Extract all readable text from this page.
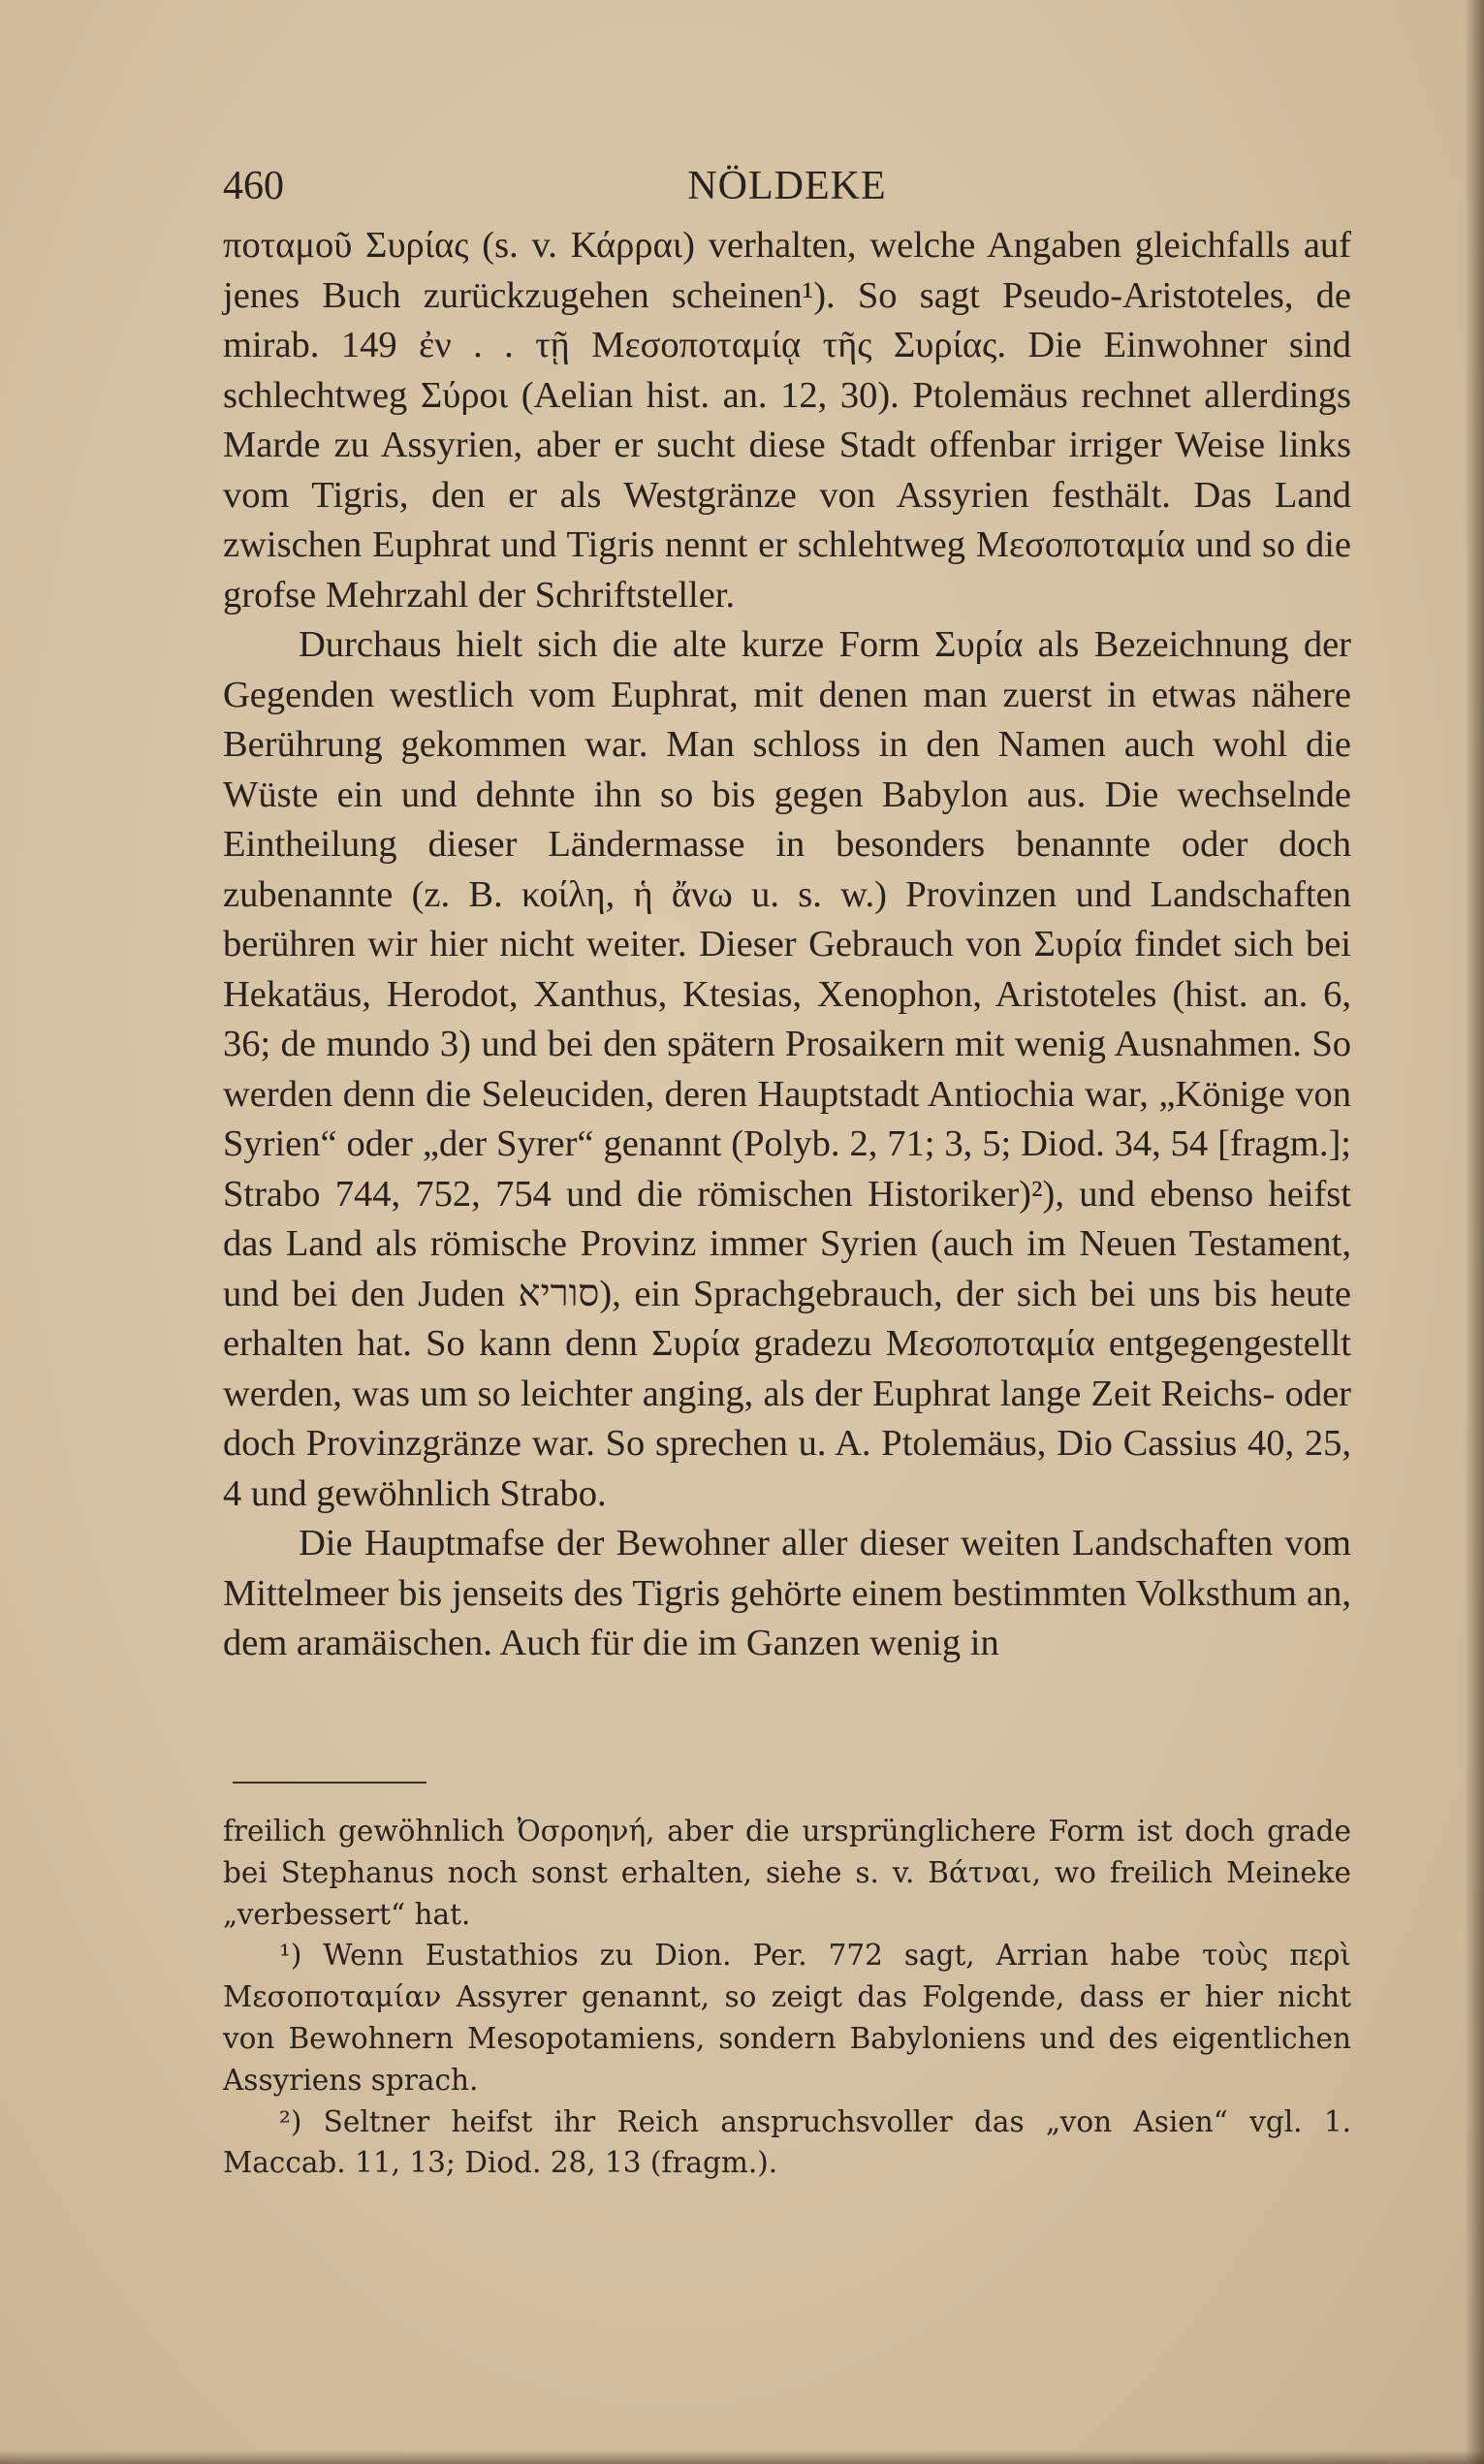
460	NÖLDEKE

ποταμοῦ Συρίας (s. v. Κάρραι) verhalten, welche Angaben gleichfalls auf jenes Buch zurückzugehen scheinen¹). So sagt Pseudo-Aristoteles, de mirab. 149 ἐν . . τῇ Μεσοποταμίᾳ τῆς Συρίας. Die Einwohner sind schlechtweg Σύροι (Aelian hist. an. 12, 30). Ptolemäus rechnet allerdings Marde zu Assyrien, aber er sucht diese Stadt offenbar irriger Weise links vom Tigris, den er als Westgränze von Assyrien festhält. Das Land zwischen Euphrat und Tigris nennt er schlehtweg Μεσοποταμία und so die grofse Mehrzahl der Schriftsteller.

Durchaus hielt sich die alte kurze Form Συρία als Bezeichnung der Gegenden westlich vom Euphrat, mit denen man zuerst in etwas nähere Berührung gekommen war. Man schloss in den Namen auch wohl die Wüste ein und dehnte ihn so bis gegen Babylon aus. Die wechselnde Eintheilung dieser Ländermasse in besonders benannte oder doch zubenannte (z. B. κοίλη, ἡ ἄνω u. s. w.) Provinzen und Landschaften berühren wir hier nicht weiter. Dieser Gebrauch von Συρία findet sich bei Hekatäus, Herodot, Xanthus, Ktesias, Xenophon, Aristoteles (hist. an. 6, 36; de mundo 3) und bei den spätern Prosaikern mit wenig Ausnahmen. So werden denn die Seleuciden, deren Hauptstadt Antiochia war, „Könige von Syrien“ oder „der Syrer“ genannt (Polyb. 2, 71; 3, 5; Diod. 34, 54 [fragm.]; Strabo 744, 752, 754 und die römischen Historiker)²), und ebenso heifst das Land als römische Provinz immer Syrien (auch im Neuen Testament, und bei den Juden סוריא), ein Sprachgebrauch, der sich bei uns bis heute erhalten hat. So kann denn Συρία gradezu Μεσοποταμία entgegengestellt werden, was um so leichter anging, als der Euphrat lange Zeit Reichs- oder doch Provinzgränze war. So sprechen u. A. Ptolemäus, Dio Cassius 40, 25, 4 und gewöhnlich Strabo.

Die Hauptmafse der Bewohner aller dieser weiten Landschaften vom Mittelmeer bis jenseits des Tigris gehörte einem bestimmten Volksthum an, dem aramäischen. Auch für die im Ganzen wenig in

freilich gewöhnlich Ὀσροηνή, aber die ursprünglichere Form ist doch grade bei Stephanus noch sonst erhalten, siehe s. v. Βάτναι, wo freilich Meineke „verbessert“ hat.

¹) Wenn Eustathios zu Dion. Per. 772 sagt, Arrian habe τοὺς περὶ Μεσοποταμίαν Assyrer genannt, so zeigt das Folgende, dass er hier nicht von Bewohnern Mesopotamiens, sondern Babyloniens und des eigentlichen Assyriens sprach.

²) Seltner heifst ihr Reich anspruchsvoller das „von Asien“ vgl. 1. Maccab. 11, 13; Diod. 28, 13 (fragm.).
